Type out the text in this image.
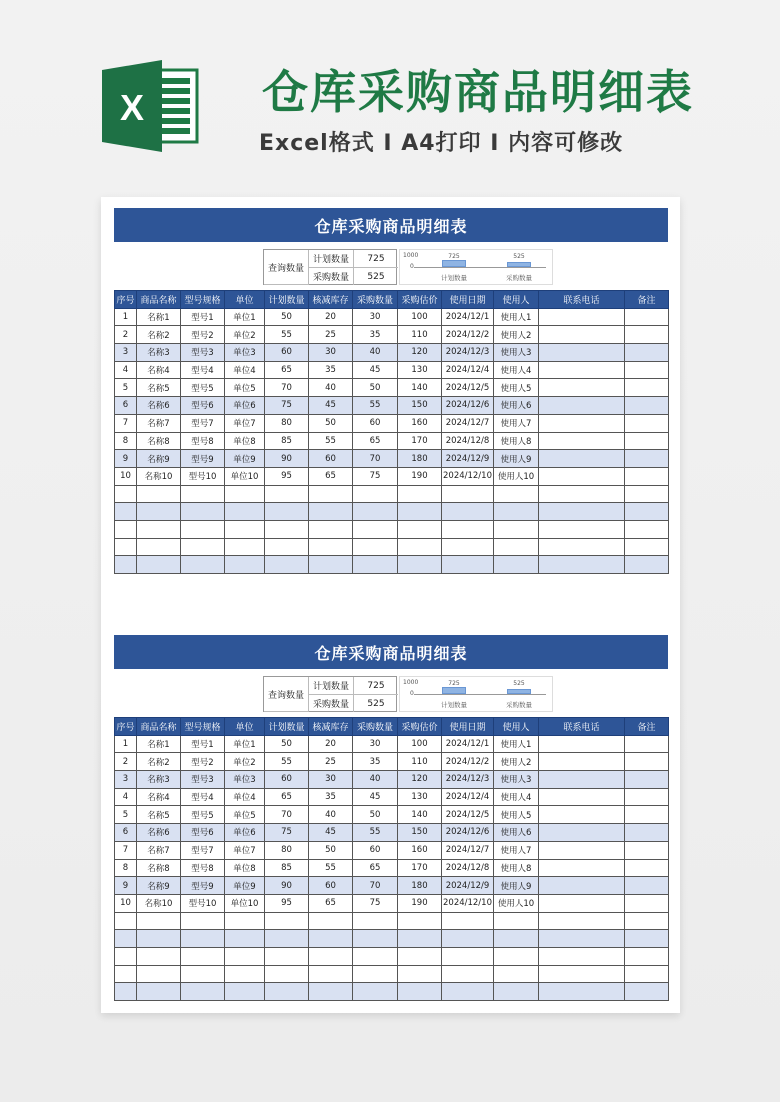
X	仓库采购商品明细表
Excel格式 I A4打印 I 内容可修改
仓库采购商品明细表
查询数量
计划数量	725
采购数量	525
1000
0
725	525
计划数量	采购数量
序号	商品名称	型号规格	单位	计划数量	核减库存	采购数量	采购估价	使用日期	使用人	联系电话	备注
1	名称1	型号1	单位1	50	20	30	100	2024/12/1	使用人1		
2	名称2	型号2	单位2	55	25	35	110	2024/12/2	使用人2		
3	名称3	型号3	单位3	60	30	40	120	2024/12/3	使用人3		
4	名称4	型号4	单位4	65	35	45	130	2024/12/4	使用人4		
5	名称5	型号5	单位5	70	40	50	140	2024/12/5	使用人5		
6	名称6	型号6	单位6	75	45	55	150	2024/12/6	使用人6		
7	名称7	型号7	单位7	80	50	60	160	2024/12/7	使用人7		
8	名称8	型号8	单位8	85	55	65	170	2024/12/8	使用人8		
9	名称9	型号9	单位9	90	60	70	180	2024/12/9	使用人9		
10	名称10	型号10	单位10	95	65	75	190	2024/12/10	使用人10		

仓库采购商品明细表
查询数量
计划数量	725
采购数量	525
1000
0
725	525
计划数量	采购数量
序号	商品名称	型号规格	单位	计划数量	核减库存	采购数量	采购估价	使用日期	使用人	联系电话	备注
1	名称1	型号1	单位1	50	20	30	100	2024/12/1	使用人1		
2	名称2	型号2	单位2	55	25	35	110	2024/12/2	使用人2		
3	名称3	型号3	单位3	60	30	40	120	2024/12/3	使用人3		
4	名称4	型号4	单位4	65	35	45	130	2024/12/4	使用人4		
5	名称5	型号5	单位5	70	40	50	140	2024/12/5	使用人5		
6	名称6	型号6	单位6	75	45	55	150	2024/12/6	使用人6		
7	名称7	型号7	单位7	80	50	60	160	2024/12/7	使用人7		
8	名称8	型号8	单位8	85	55	65	170	2024/12/8	使用人8		
9	名称9	型号9	单位9	90	60	70	180	2024/12/9	使用人9		
10	名称10	型号10	单位10	95	65	75	190	2024/12/10	使用人10		
